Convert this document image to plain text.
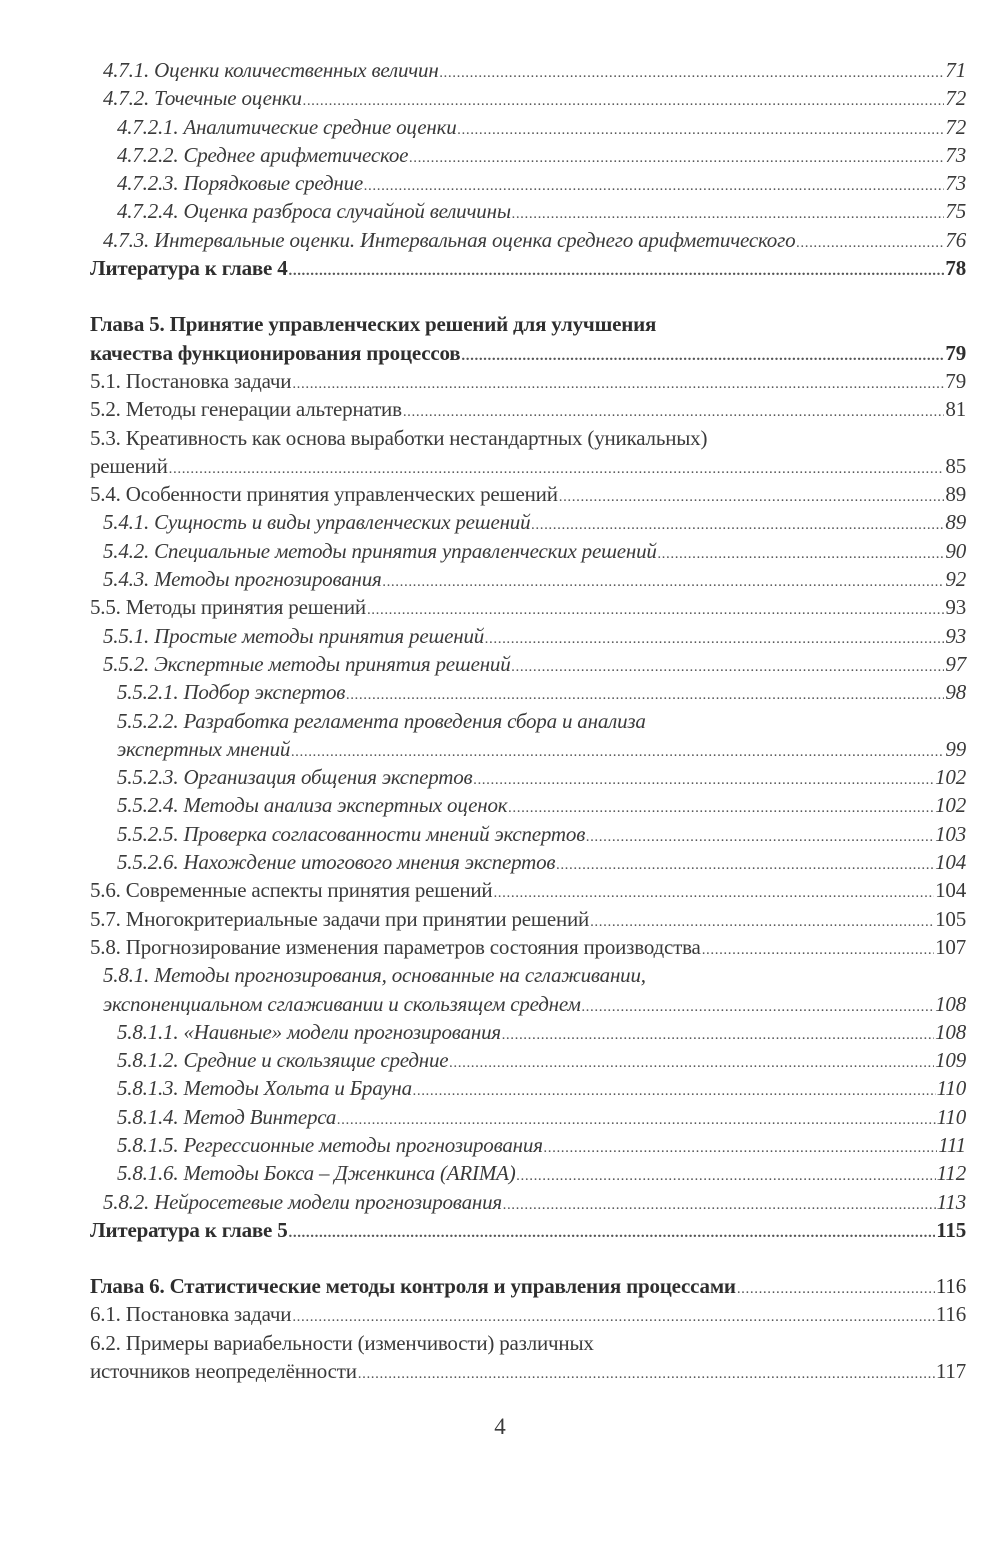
4.7.1. Оценки количественных величин .....	71
4.7.2. Точечные оценки .....	72
4.7.2.1. Аналитические средние оценки .....	72
4.7.2.2. Среднее арифметическое .....	73
4.7.2.3. Порядковые средние .....	73
4.7.2.4. Оценка разброса случайной величины .....	75
4.7.3. Интервальные оценки. Интервальная оценка среднего арифметического .....	76
Литература к главе 4 .....	78
Глава 5. Принятие управленческих решений для улучшения
качества функционирования процессов .....	79
5.1. Постановка задачи .....	79
5.2. Методы генерации альтернатив .....	81
5.3. Креативность как основа выработки нестандартных (уникальных)
решений .....	85
5.4. Особенности принятия управленческих решений .....	89
5.4.1. Сущность и виды управленческих решений .....	89
5.4.2. Специальные методы принятия управленческих решений .....	90
5.4.3. Методы прогнозирования .....	92
5.5. Методы принятия решений .....	93
5.5.1. Простые методы принятия решений .....	93
5.5.2. Экспертные методы принятия решений .....	97
5.5.2.1. Подбор экспертов .....	98
5.5.2.2. Разработка регламента проведения сбора и анализа
экспертных мнений .....	99
5.5.2.3. Организация общения экспертов .....	102
5.5.2.4. Методы анализа экспертных оценок .....	102
5.5.2.5. Проверка согласованности мнений экспертов .....	103
5.5.2.6. Нахождение итогового мнения экспертов .....	104
5.6. Современные аспекты принятия решений .....	104
5.7. Многокритериальные задачи при принятии решений .....	105
5.8. Прогнозирование изменения параметров состояния производства .....	107
5.8.1. Методы прогнозирования, основанные на сглаживании,
экспоненциальном сглаживании и скользящем среднем .....	108
5.8.1.1. «Наивные» модели прогнозирования .....	108
5.8.1.2. Средние и скользящие средние .....	109
5.8.1.3. Методы Хольта и Брауна .....	110
5.8.1.4. Метод Винтерса .....	110
5.8.1.5. Регрессионные методы прогнозирования .....	111
5.8.1.6. Методы Бокса – Дженкинса (ARIMA) .....	112
5.8.2. Нейросетевые модели прогнозирования .....	113
Литература к главе 5 .....	115
Глава 6. Статистические методы контроля и управления процессами .....	116
6.1. Постановка задачи .....	116
6.2. Примеры вариабельности (изменчивости) различных
источников неопределённости .....	117
4
